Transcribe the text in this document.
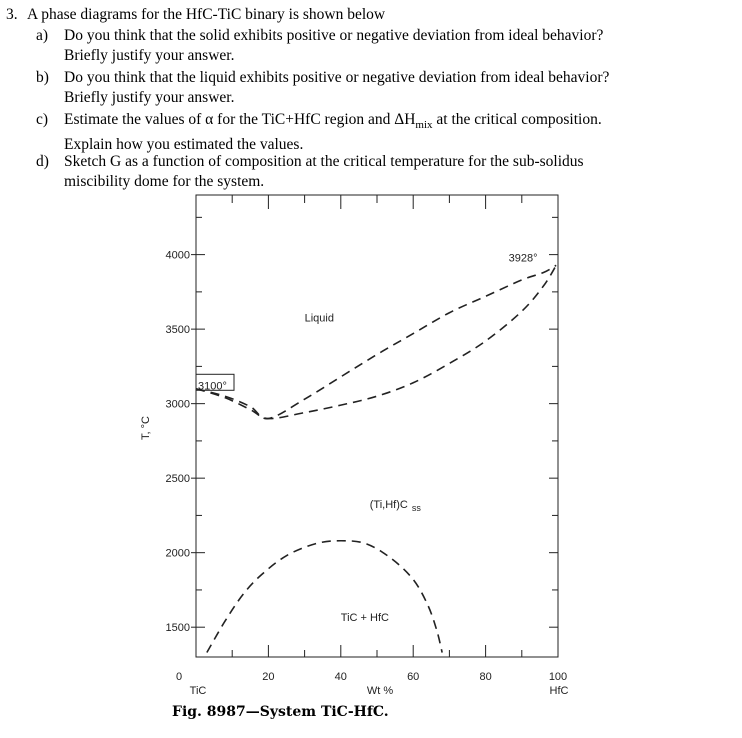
3. A phase diagrams for the HfC-TiC binary is shown below
a) Do you think that the solid exhibits positive or negative deviation from ideal behavior?
Briefly justify your answer.
b) Do you think that the liquid exhibits positive or negative deviation from ideal behavior?
Briefly justify your answer.
c) Estimate the values of α for the TiC+HfC region and $\Delta H_{mix}$ at the critical composition.
Explain how you estimated the values.
d) Sketch G as a function of composition at the critical temperature for the sub-solidus
miscibility dome for the system.
4000
3500
3000
2500
2000
1500
0	20	40	60	80	100
Liquid
(Ti,Hf)C $_{ss}$
TiC + HfC
3100°
3928°
T, °C
Wt %
TiC	HfC
Fig. 8987—System TiC-HfC.
